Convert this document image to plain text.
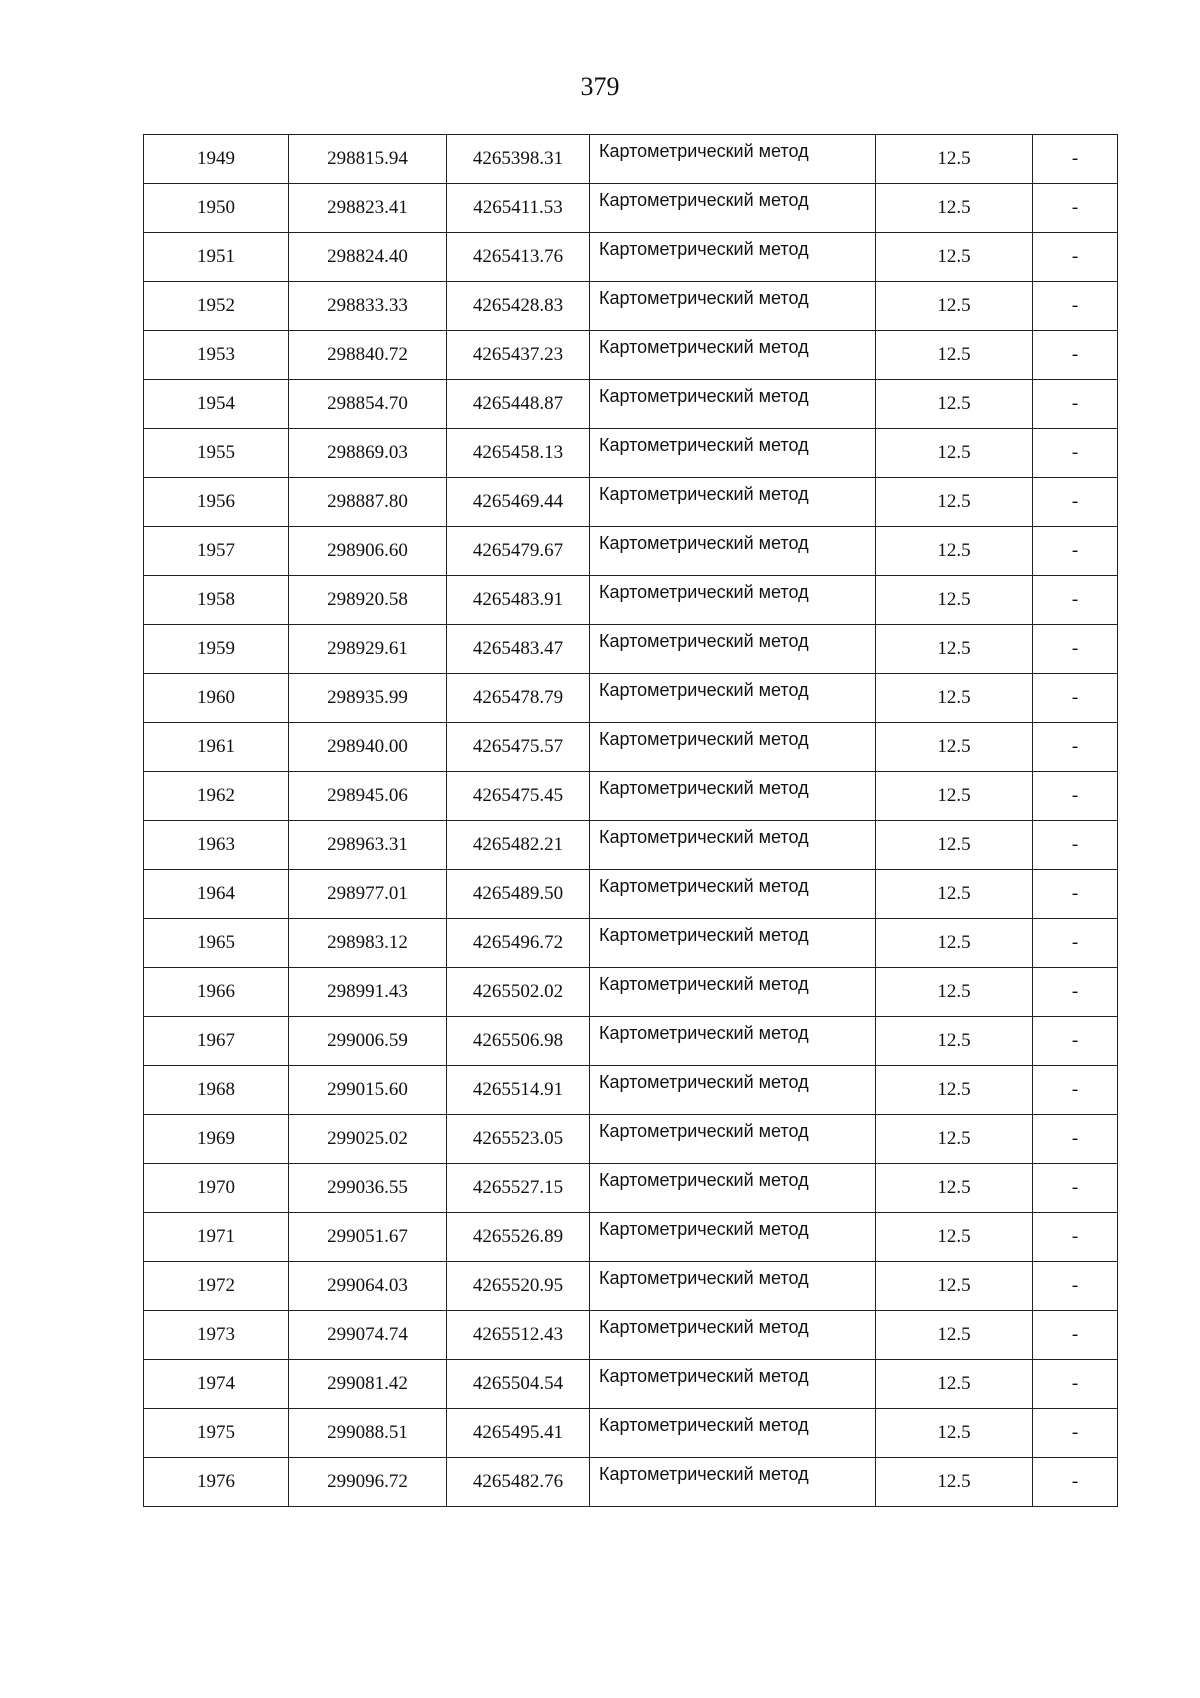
379
1949	298815.94	4265398.31	Картометрический метод	12.5	-
1950	298823.41	4265411.53	Картометрический метод	12.5	-
1951	298824.40	4265413.76	Картометрический метод	12.5	-
1952	298833.33	4265428.83	Картометрический метод	12.5	-
1953	298840.72	4265437.23	Картометрический метод	12.5	-
1954	298854.70	4265448.87	Картометрический метод	12.5	-
1955	298869.03	4265458.13	Картометрический метод	12.5	-
1956	298887.80	4265469.44	Картометрический метод	12.5	-
1957	298906.60	4265479.67	Картометрический метод	12.5	-
1958	298920.58	4265483.91	Картометрический метод	12.5	-
1959	298929.61	4265483.47	Картометрический метод	12.5	-
1960	298935.99	4265478.79	Картометрический метод	12.5	-
1961	298940.00	4265475.57	Картометрический метод	12.5	-
1962	298945.06	4265475.45	Картометрический метод	12.5	-
1963	298963.31	4265482.21	Картометрический метод	12.5	-
1964	298977.01	4265489.50	Картометрический метод	12.5	-
1965	298983.12	4265496.72	Картометрический метод	12.5	-
1966	298991.43	4265502.02	Картометрический метод	12.5	-
1967	299006.59	4265506.98	Картометрический метод	12.5	-
1968	299015.60	4265514.91	Картометрический метод	12.5	-
1969	299025.02	4265523.05	Картометрический метод	12.5	-
1970	299036.55	4265527.15	Картометрический метод	12.5	-
1971	299051.67	4265526.89	Картометрический метод	12.5	-
1972	299064.03	4265520.95	Картометрический метод	12.5	-
1973	299074.74	4265512.43	Картометрический метод	12.5	-
1974	299081.42	4265504.54	Картометрический метод	12.5	-
1975	299088.51	4265495.41	Картометрический метод	12.5	-
1976	299096.72	4265482.76	Картометрический метод	12.5	-
